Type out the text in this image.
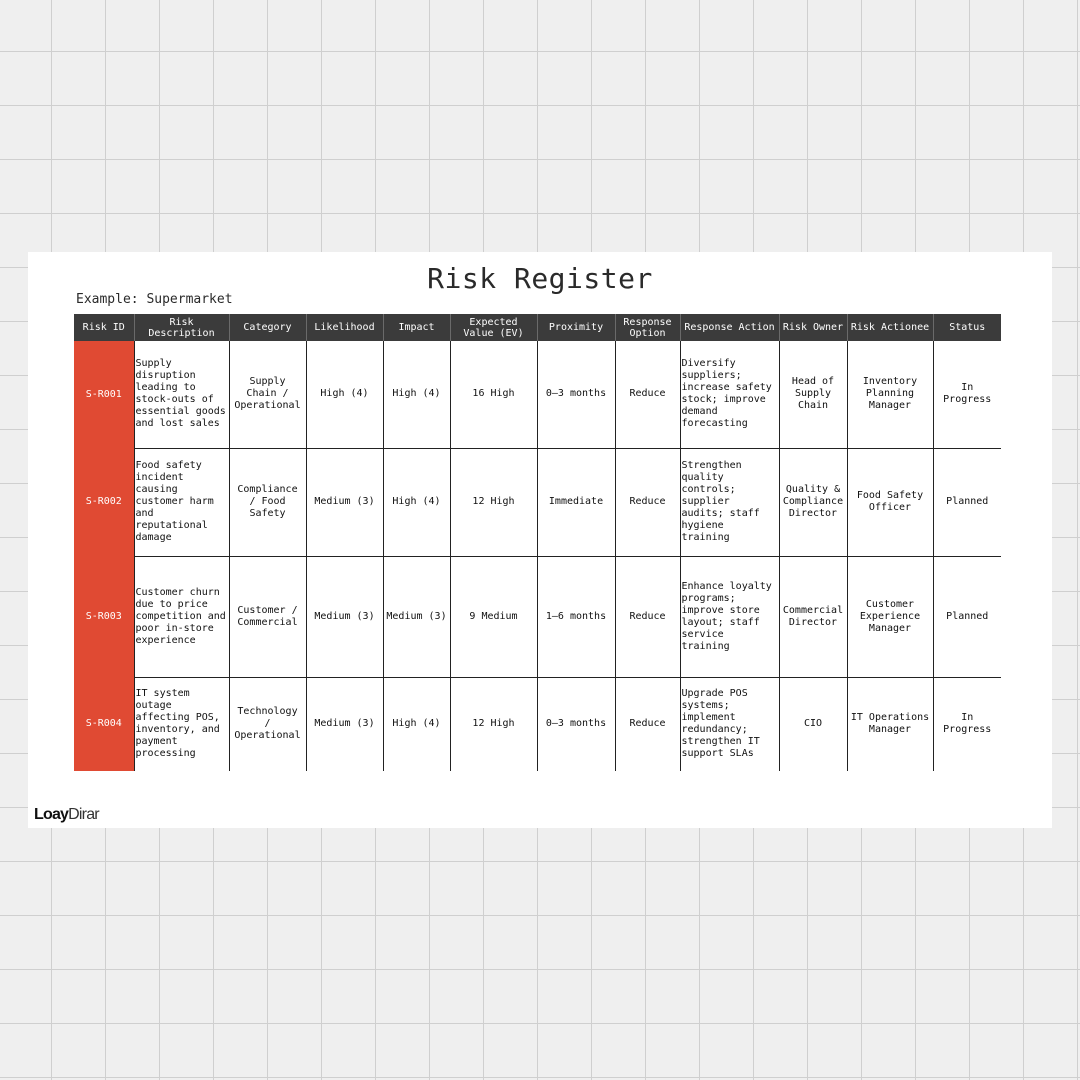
Risk Register
Example: Supermarket
Risk ID	Risk Description	Category	Likelihood	Impact	Expected Value (EV)	Proximity	Response Option	Response Action	Risk Owner	Risk Actionee	Status
S-R001	Supply disruption leading to stock-outs of essential goods and lost sales	Supply Chain / Operational	High (4)	High (4)	16 High	0–3 months	Reduce	Diversify suppliers; increase safety stock; improve demand forecasting	Head of Supply Chain	Inventory Planning Manager	In Progress
S-R002	Food safety incident causing customer harm and reputational damage	Compliance / Food Safety	Medium (3)	High (4)	12 High	Immediate	Reduce	Strengthen quality controls; supplier audits; staff hygiene training	Quality & Compliance Director	Food Safety Officer	Planned
S-R003	Customer churn due to price competition and poor in-store experience	Customer / Commercial	Medium (3)	Medium (3)	9 Medium	1–6 months	Reduce	Enhance loyalty programs; improve store layout; staff service training	Commercial Director	Customer Experience Manager	Planned
S-R004	IT system outage affecting POS, inventory, and payment processing	Technology / Operational	Medium (3)	High (4)	12 High	0–3 months	Reduce	Upgrade POS systems; implement redundancy; strengthen IT support SLAs	CIO	IT Operations Manager	In Progress
LoayDirar
